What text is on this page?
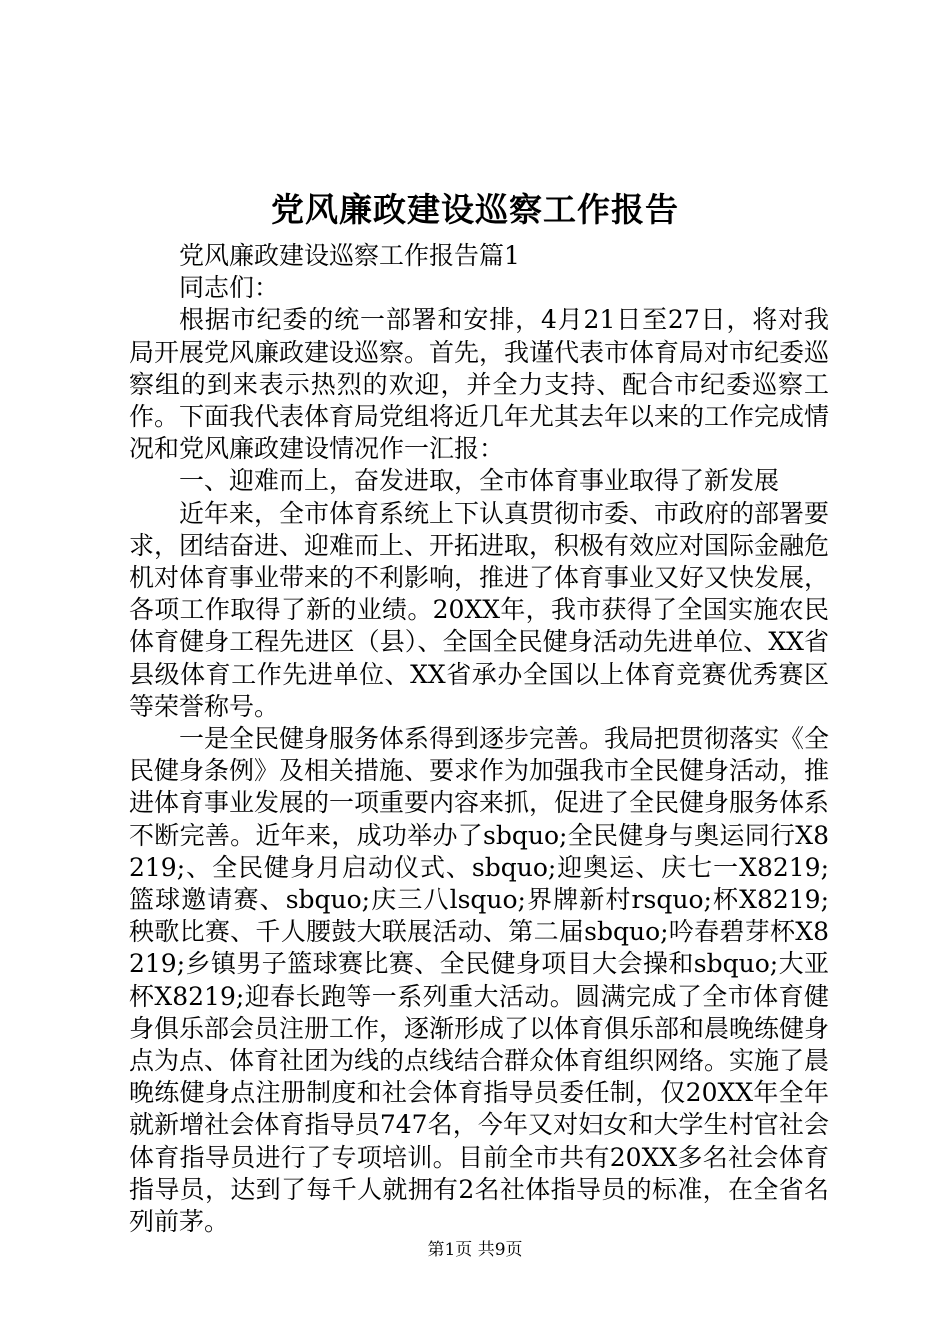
党风廉政建设巡察工作报告

党风廉政建设巡察工作报告篇1

同志们：

根据市纪委的统一部署和安排，4月21日至27日，将对我局开展党风廉政建设巡察。首先，我谨代表市体育局对市纪委巡察组的到来表示热烈的欢迎，并全力支持、配合市纪委巡察工作。下面我代表体育局党组将近几年尤其去年以来的工作完成情况和党风廉政建设情况作一汇报：

一、迎难而上，奋发进取，全市体育事业取得了新发展

近年来，全市体育系统上下认真贯彻市委、市政府的部署要求，团结奋进、迎难而上、开拓进取，积极有效应对国际金融危机对体育事业带来的不利影响，推进了体育事业又好又快发展，各项工作取得了新的业绩。20XX年，我市获得了全国实施农民体育健身工程先进区（县）、全国全民健身活动先进单位、XX省县级体育工作先进单位、XX省承办全国以上体育竞赛优秀赛区等荣誉称号。

一是全民健身服务体系得到逐步完善。我局把贯彻落实《全民健身条例》及相关措施、要求作为加强我市全民健身活动，推进体育事业发展的一项重要内容来抓，促进了全民健身服务体系不断完善。近年来，成功举办了sbquo;全民健身与奥运同行X8219;、全民健身月启动仪式、sbquo;迎奥运、庆七一X8219;篮球邀请赛、sbquo;庆三八lsquo;界牌新村rsquo;杯X8219;秧歌比赛、千人腰鼓大联展活动、第二届sbquo;吟春碧芽杯X8219;乡镇男子篮球赛比赛、全民健身项目大会操和sbquo;大亚杯X8219;迎春长跑等一系列重大活动。圆满完成了全市体育健身俱乐部会员注册工作，逐渐形成了以体育俱乐部和晨晚练健身点为点、体育社团为线的点线结合群众体育组织网络。实施了晨晚练健身点注册制度和社会体育指导员委任制，仅20XX年全年就新增社会体育指导员747名，今年又对妇女和大学生村官社会体育指导员进行了专项培训。目前全市共有20XX多名社会体育指导员，达到了每千人就拥有2名社体指导员的标准，在全省名列前茅。

第1页 共9页
